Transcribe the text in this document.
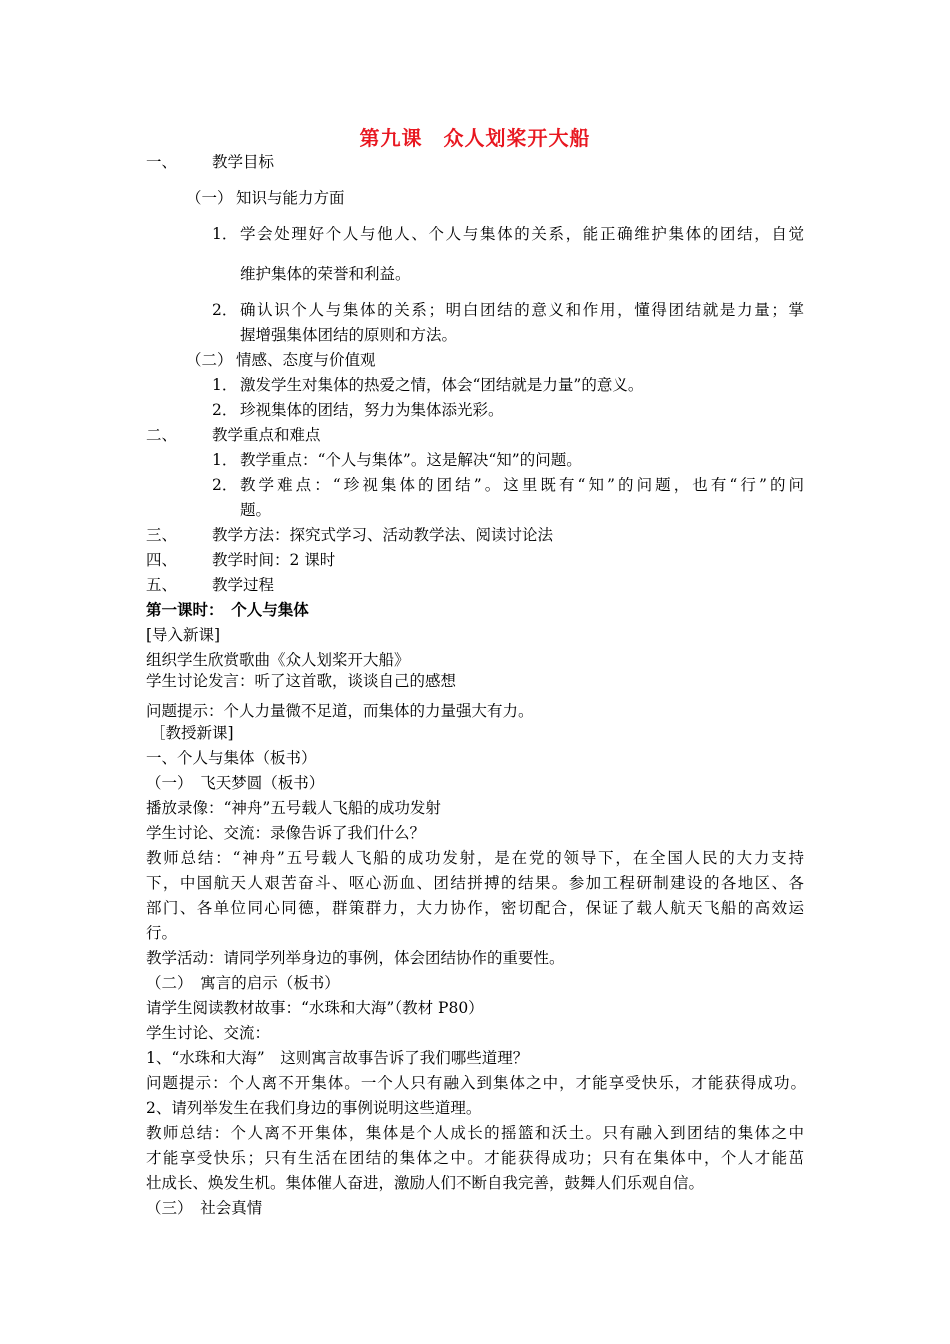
第九课　众人划桨开大船
一、 教学目标
（一） 知识与能力方面
1． 学会处理好个人与他人、个人与集体的关系，能正确维护集体的团结，自觉
维护集体的荣誉和利益。
2． 确认识个人与集体的关系；明白团结的意义和作用，懂得团结就是力量；掌
握增强集体团结的原则和方法。
（二） 情感、态度与价值观
1． 激发学生对集体的热爱之情，体会“团结就是力量”的意义。
2． 珍视集体的团结，努力为集体添光彩。
二、 教学重点和难点
1． 教学重点：“个人与集体”。这是解决“知”的问题。
2． 教学难点：“珍视集体的团结”。这里既有“知”的问题，也有“行”的问
题。
三、 教学方法：探究式学习、活动教学法、阅读讨论法
四、 教学时间：2 课时
五、 教学过程
第一课时：　个人与集体
[导入新课]
组织学生欣赏歌曲《众人划桨开大船》
学生讨论发言：听了这首歌，谈谈自己的感想
问题提示：个人力量微不足道，而集体的力量强大有力。
［教授新课]
一、个人与集体（板书）
（一）　飞天梦圆（板书）
播放录像：“神舟”五号载人飞船的成功发射
学生讨论、交流：录像告诉了我们什么？
教师总结：“神舟”五号载人飞船的成功发射，是在党的领导下，在全国人民的大力支持
下，中国航天人艰苦奋斗、呕心沥血、团结拼搏的结果。参加工程研制建设的各地区、各
部门、各单位同心同德，群策群力，大力协作，密切配合，保证了载人航天飞船的高效运
行。
教学活动：请同学列举身边的事例，体会团结协作的重要性。
（二）　寓言的启示（板书）
请学生阅读教材故事：“水珠和大海”（教材 P80）
学生讨论、交流：
1、“水珠和大海”　这则寓言故事告诉了我们哪些道理？
问题提示：个人离不开集体。一个人只有融入到集体之中，才能享受快乐，才能获得成功。
2、请列举发生在我们身边的事例说明这些道理。
教师总结：个人离不开集体，集体是个人成长的摇篮和沃土。只有融入到团结的集体之中
才能享受快乐；只有生活在团结的集体之中。才能获得成功；只有在集体中，个人才能茁
壮成长、焕发生机。集体催人奋进，激励人们不断自我完善，鼓舞人们乐观自信。
（三）　社会真情
